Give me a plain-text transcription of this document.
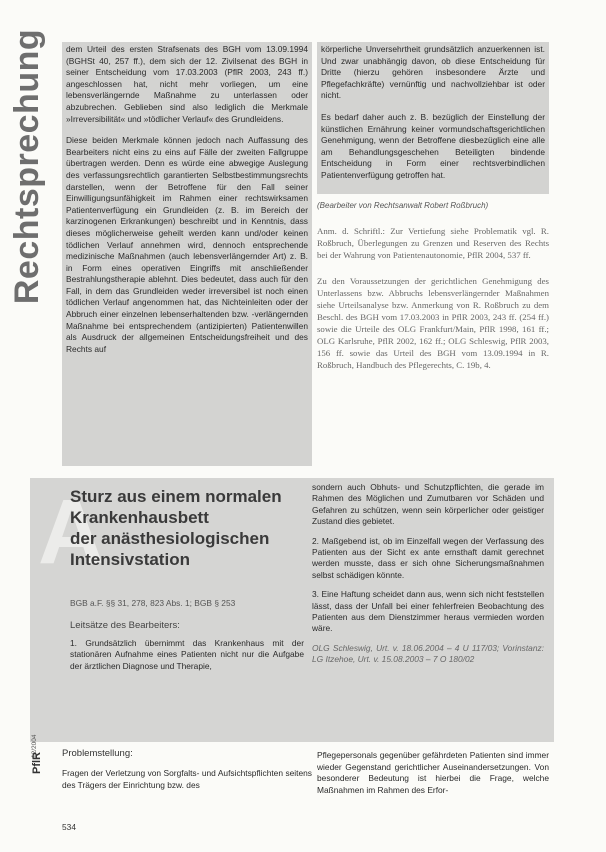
Rechtsprechung dem Urteil des ersten Strafsenats des BGH vom 13.09.1994 (BGHSt 40, 257 ff.), dem sich der 12. Zivilsenat des BGH in seiner Entscheidung vom 17.03.2003 (PflR 2003, 243 ff.) angeschlossen hat, nicht mehr vorliegen, um eine lebensverlängernde Maßnahme zu unterlassen oder abzubrechen. Geblieben sind also lediglich die Merkmale »Irreversibilität« und »tödlicher Verlauf« des Grundleidens.

Diese beiden Merkmale können jedoch nach Auffassung des Bearbeiters nicht eins zu eins auf Fälle der zweiten Fallgruppe übertragen werden. Denn es würde eine abwegige Auslegung des verfassungsrechtlich garantierten Selbstbestimmungsrechts darstellen, wenn der Betroffene für den Fall seiner Einwilligungsunfähigkeit im Rahmen einer rechtswirksamen Patientenverfügung ein Grundleiden (z. B. im Bereich der karzinogenen Erkrankungen) beschreibt und in Kenntnis, dass dieses möglicherweise geheilt werden kann und/oder keinen tödlichen Verlauf annehmen wird, dennoch entsprechende medizinische Maßnahmen (auch lebensverlängernder Art) z. B. in Form eines operativen Eingriffs mit anschließender Bestrahlungstherapie ablehnt. Dies bedeutet, dass auch für den Fall, in dem das Grundleiden weder irreversibel ist noch einen tödlichen Verlauf angenommen hat, das Nichteinleiten oder der Abbruch einer einzelnen lebenserhaltenden bzw. -verlängernden Maßnahme bei entsprechendem (antizipierten) Patientenwillen als Ausdruck der allgemeinen Entscheidungsfreiheit und des Rechts auf

körperliche Unversehrtheit grundsätzlich anzuerkennen ist. Und zwar unabhängig davon, ob diese Entscheidung für Dritte (hierzu gehören insbesondere Ärzte und Pflegefachkräfte) vernünftig und nachvollziehbar ist oder nicht.

Es bedarf daher auch z. B. bezüglich der Einstellung der künstlichen Ernährung keiner vormundschaftsgerichtlichen Genehmigung, wenn der Betroffene diesbezüglich eine alle am Behandlungsgeschehen Beteiligten bindende Entscheidung in Form einer rechtsverbindlichen Patientenverfügung getroffen hat.

(Bearbeiter von Rechtsanwalt Robert Roßbruch)

Anm. d. Schriftl.: Zur Vertiefung siehe Problematik vgl. R. Roßbruch, Überlegungen zu Grenzen und Reserven des Rechts bei der Wahrung von Patientenautonomie, PflR 2004, 537 ff.

Zu den Voraussetzungen der gerichtlichen Genehmigung des Unterlassens bzw. Abbruchs lebensverlängernder Maßnahmen siehe Urteilsanalyse bzw. Anmerkung von R. Roßbruch zu dem Beschl. des BGH vom 17.03.2003 in PflR 2003, 243 ff. (254 ff.) sowie die Urteile des OLG Frankfurt/Main, PflR 1998, 161 ff.; OLG Karlsruhe, PflR 2002, 162 ff.; OLG Schleswig, PflR 2003, 156 ff. sowie das Urteil des BGH vom 13.09.1994 in R. Roßbruch, Handbuch des Pflegerechts, C. 19b, 4.

A
Sturz aus einem normalen
Krankenhausbett
der anästhesiologischen
Intensivstation
BGB a.F. §§ 31, 278, 823 Abs. 1; BGB § 253
Leitsätze des Bearbeiters:
1. Grundsätzlich übernimmt das Krankenhaus mit der stationären Aufnahme eines Patienten nicht nur die Aufgabe der ärztlichen Diagnose und Therapie,

sondern auch Obhuts- und Schutzpflichten, die gerade im Rahmen des Möglichen und Zumutbaren vor Schäden und Gefahren zu schützen, wenn sein körperlicher oder geistiger Zustand dies gebietet.

2. Maßgebend ist, ob im Einzelfall wegen der Verfassung des Patienten aus der Sicht ex ante ernsthaft damit gerechnet werden musste, dass er sich ohne Sicherungsmaßnahmen selbst schädigen könnte.

3. Eine Haftung scheidet dann aus, wenn sich nicht feststellen lässt, dass der Unfall bei einer fehlerfreien Beobachtung des Patienten aus dem Dienstzimmer heraus vermieden worden wäre.

OLG Schleswig, Urt. v. 18.06.2004 – 4 U 117/03; Vorinstanz: LG Itzehoe, Urt. v. 15.08.2003 – 7 O 180/02

12/2004
PflR Problemstellung:
Fragen der Verletzung von Sorgfalts- und Aufsichtspflichten seitens des Trägers der Einrichtung bzw. des
Pflegepersonals gegenüber gefährdeten Patienten sind immer wieder Gegenstand gerichtlicher Auseinandersetzungen. Von besonderer Bedeutung ist hierbei die Frage, welche Maßnahmen im Rahmen des Erfor-
534
